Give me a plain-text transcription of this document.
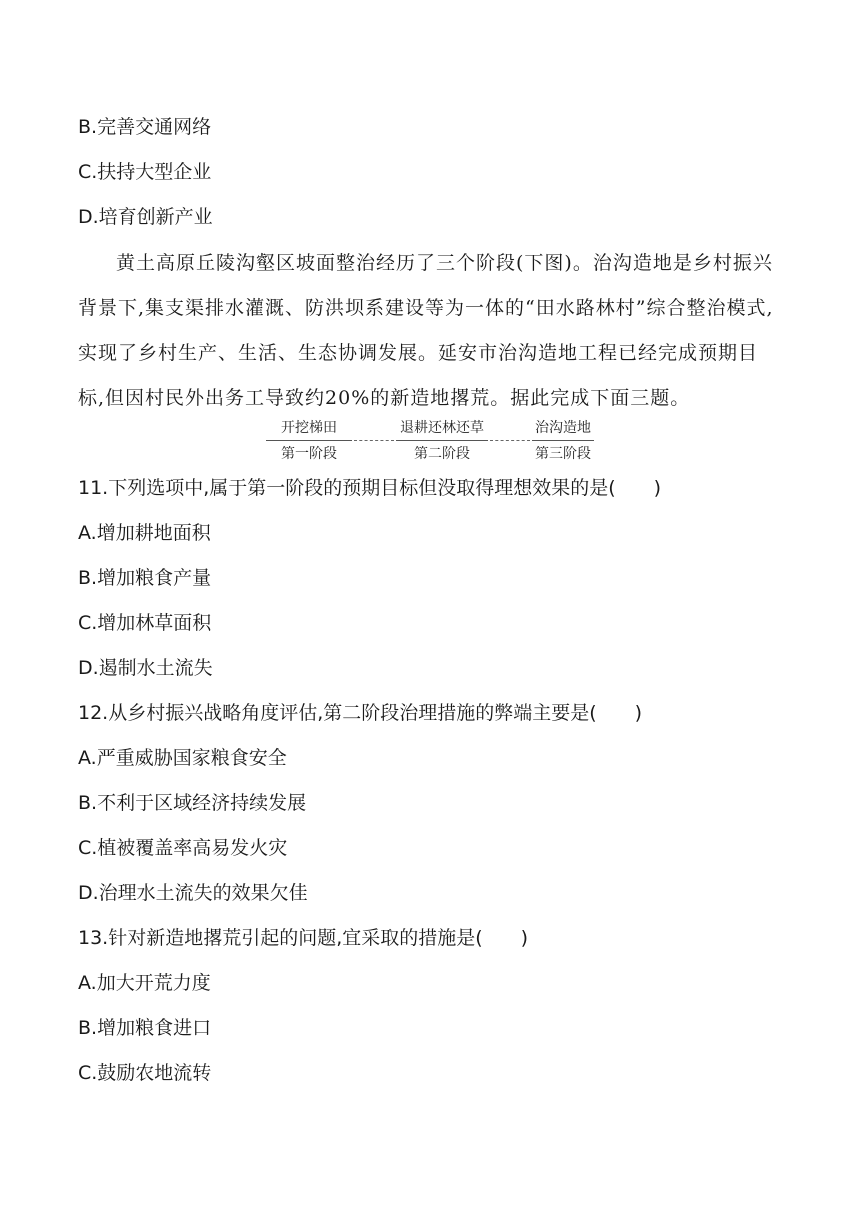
B.完善交通网络
C.扶持大型企业
D.培育创新产业
黄土高原丘陵沟壑区坡面整治经历了三个阶段(下图)。治沟造地是乡村振兴背景下,集支渠排水灌溉、防洪坝系建设等为一体的“田水路林村”综合整治模式,实现了乡村生产、生活、生态协调发展。延安市治沟造地工程已经完成预期目标,但因村民外出务工导致约20%的新造地撂荒。据此完成下面三题。
开挖梯田
第一阶段
退耕还林还草
第二阶段
治沟造地
第三阶段
11.下列选项中,属于第一阶段的预期目标但没取得理想效果的是(　　)
A.增加耕地面积
B.增加粮食产量
C.增加林草面积
D.遏制水土流失
12.从乡村振兴战略角度评估,第二阶段治理措施的弊端主要是(　　)
A.严重威胁国家粮食安全
B.不利于区域经济持续发展
C.植被覆盖率高易发火灾
D.治理水土流失的效果欠佳
13.针对新造地撂荒引起的问题,宜采取的措施是(　　)
A.加大开荒力度
B.增加粮食进口
C.鼓励农地流转
